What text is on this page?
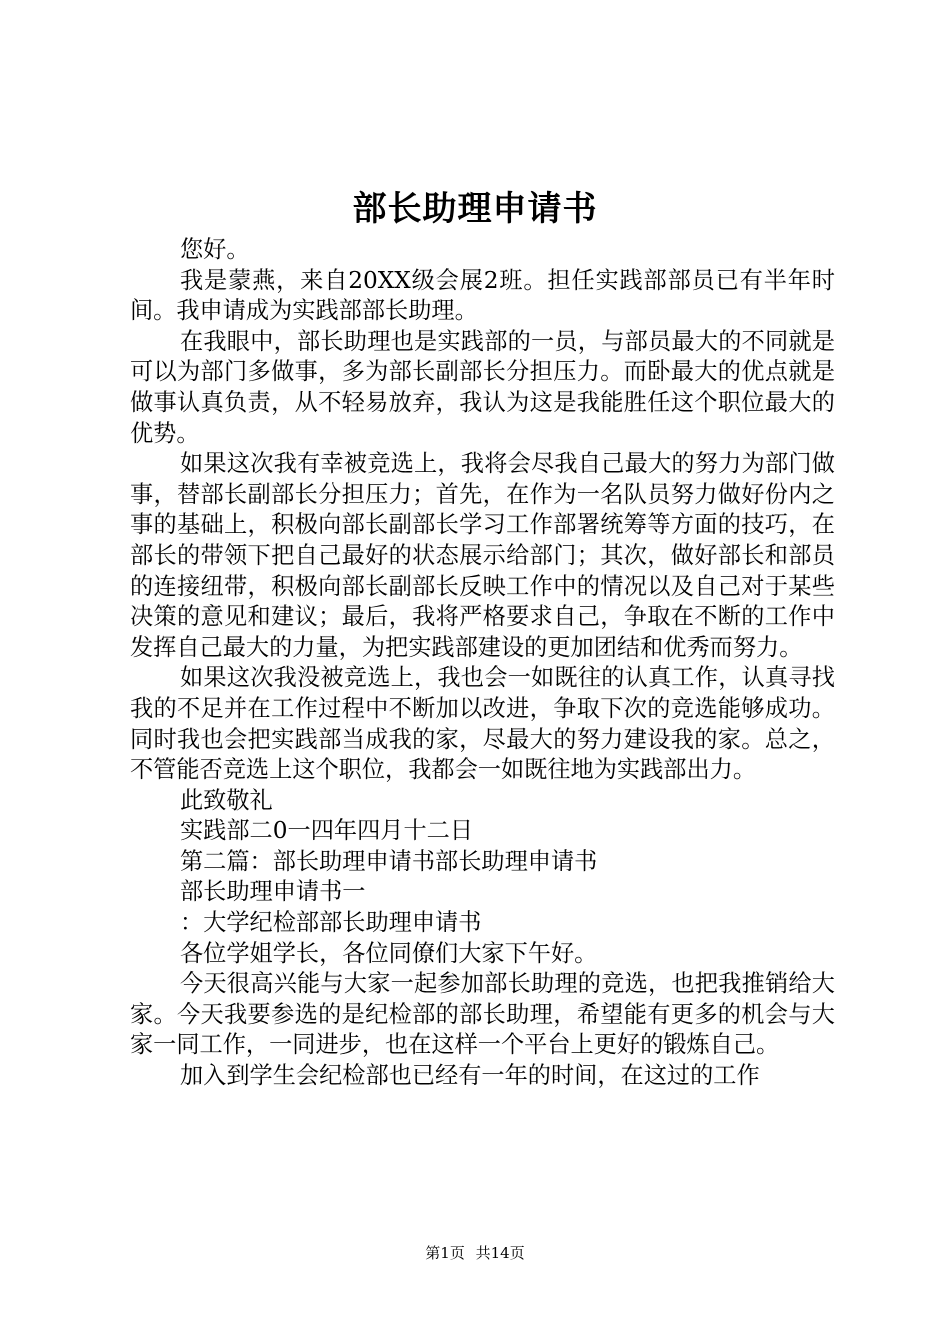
部长助理申请书

您好。

我是蒙燕，来自20XX级会展2班。担任实践部部员已有半年时间。我申请成为实践部部长助理。

在我眼中，部长助理也是实践部的一员，与部员最大的不同就是可以为部门多做事，多为部长副部长分担压力。而卧最大的优点就是做事认真负责，从不轻易放弃，我认为这是我能胜任这个职位最大的优势。

如果这次我有幸被竞选上，我将会尽我自己最大的努力为部门做事，替部长副部长分担压力；首先，在作为一名队员努力做好份内之事的基础上，积极向部长副部长学习工作部署统筹等方面的技巧，在部长的带领下把自己最好的状态展示给部门；其次，做好部长和部员的连接纽带，积极向部长副部长反映工作中的情况以及自己对于某些决策的意见和建议；最后，我将严格要求自己，争取在不断的工作中发挥自己最大的力量，为把实践部建设的更加团结和优秀而努力。

如果这次我没被竞选上，我也会一如既往的认真工作，认真寻找我的不足并在工作过程中不断加以改进，争取下次的竞选能够成功。同时我也会把实践部当成我的家，尽最大的努力建设我的家。总之，不管能否竞选上这个职位，我都会一如既往地为实践部出力。

此致敬礼

实践部二0一四年四月十二日

第二篇：部长助理申请书部长助理申请书

部长助理申请书一

：大学纪检部部长助理申请书

各位学姐学长，各位同僚们大家下午好。

今天很高兴能与大家一起参加部长助理的竞选，也把我推销给大家。今天我要参选的是纪检部的部长助理，希望能有更多的机会与大家一同工作，一同进步，也在这样一个平台上更好的锻炼自己。

加入到学生会纪检部也已经有一年的时间，在这过的工作

第1页 共14页
